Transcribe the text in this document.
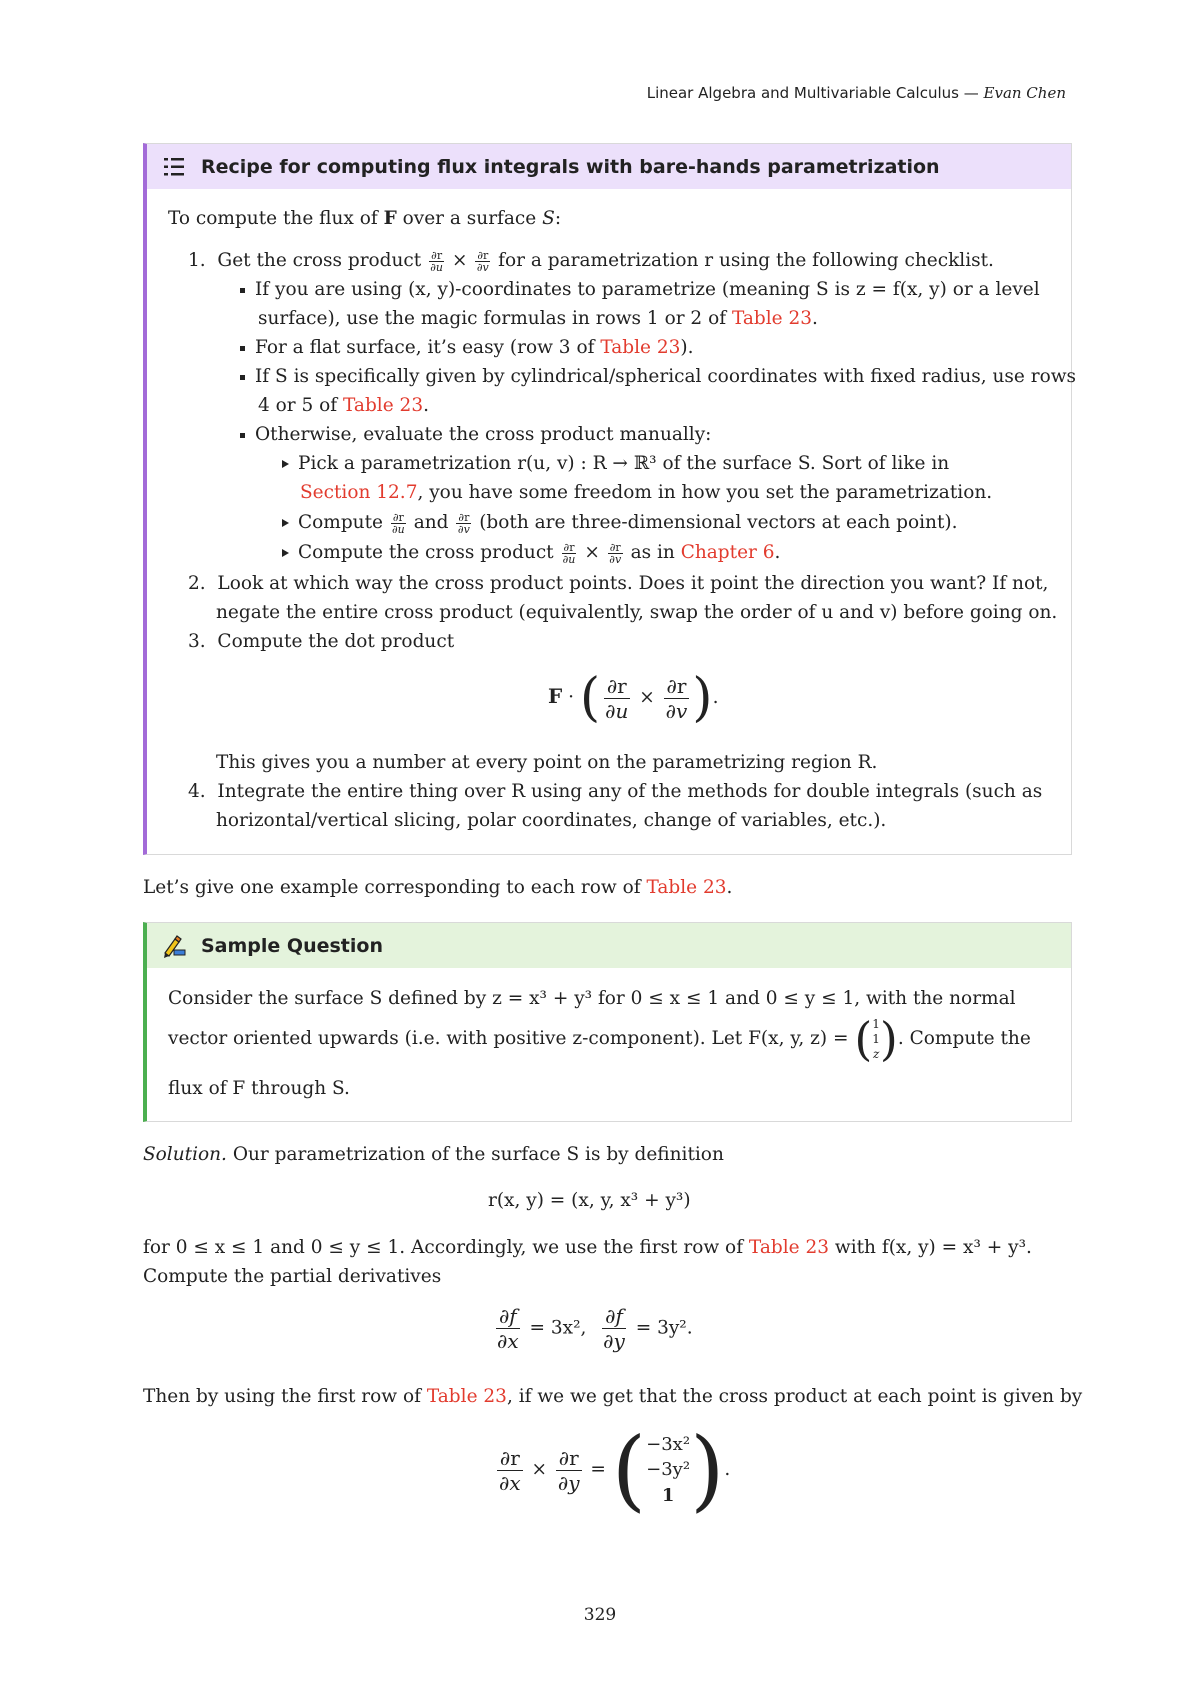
Linear Algebra and Multivariable Calculus — Evan Chen
Recipe for computing flux integrals with bare-hands parametrization
To compute the flux of F over a surface S:
1. Get the cross product $\frac{\partial r}{\partial u} \times \frac{\partial r}{\partial v}$ for a parametrization r using the following checklist.
If you are using (x, y)-coordinates to parametrize (meaning S is z = f(x, y) or a level
surface), use the magic formulas in rows 1 or 2 of Table 23.
For a flat surface, it’s easy (row 3 of Table 23).
If S is specifically given by cylindrical/spherical coordinates with fixed radius, use rows
4 or 5 of Table 23.
Otherwise, evaluate the cross product manually:
Pick a parametrization r(u, v) : R → ℝ³ of the surface S. Sort of like in
Section 12.7, you have some freedom in how you set the parametrization.
Compute $\frac{\partial r}{\partial u}$ and $\frac{\partial r}{\partial v}$ (both are three-dimensional vectors at each point).
Compute the cross product $\frac{\partial r}{\partial u} \times \frac{\partial r}{\partial v}$ as in Chapter 6.
2. Look at which way the cross product points. Does it point the direction you want? If not,
negate the entire cross product (equivalently, swap the order of u and v) before going on.
3. Compute the dot product
F · ( $\frac{\partial r}{\partial u} \times \frac{\partial r}{\partial v}$ ).
This gives you a number at every point on the parametrizing region R.
4. Integrate the entire thing over R using any of the methods for double integrals (such as
horizontal/vertical slicing, polar coordinates, change of variables, etc.).
Let’s give one example corresponding to each row of Table 23.
Sample Question
Consider the surface S defined by z = x³ + y³ for 0 ≤ x ≤ 1 and 0 ≤ y ≤ 1, with the normal
vector oriented upwards (i.e. with positive z-component). Let F(x, y, z) = ( 1
1
z ). Compute the
flux of F through S.
Solution. Our parametrization of the surface S is by definition
r(x, y) = (x, y, x³ + y³)
for 0 ≤ x ≤ 1 and 0 ≤ y ≤ 1. Accordingly, we use the first row of Table 23 with f(x, y) = x³ + y³.
Compute the partial derivatives
$\frac{\partial f}{\partial x} = 3x^2$, $\frac{\partial f}{\partial y} = 3y^2$.
Then by using the first row of Table 23, if we we get that the cross product at each point is given by
$\frac{\partial r}{\partial x} \times \frac{\partial r}{\partial y}$ = ( −3x²
−3y²
1 ).
329
